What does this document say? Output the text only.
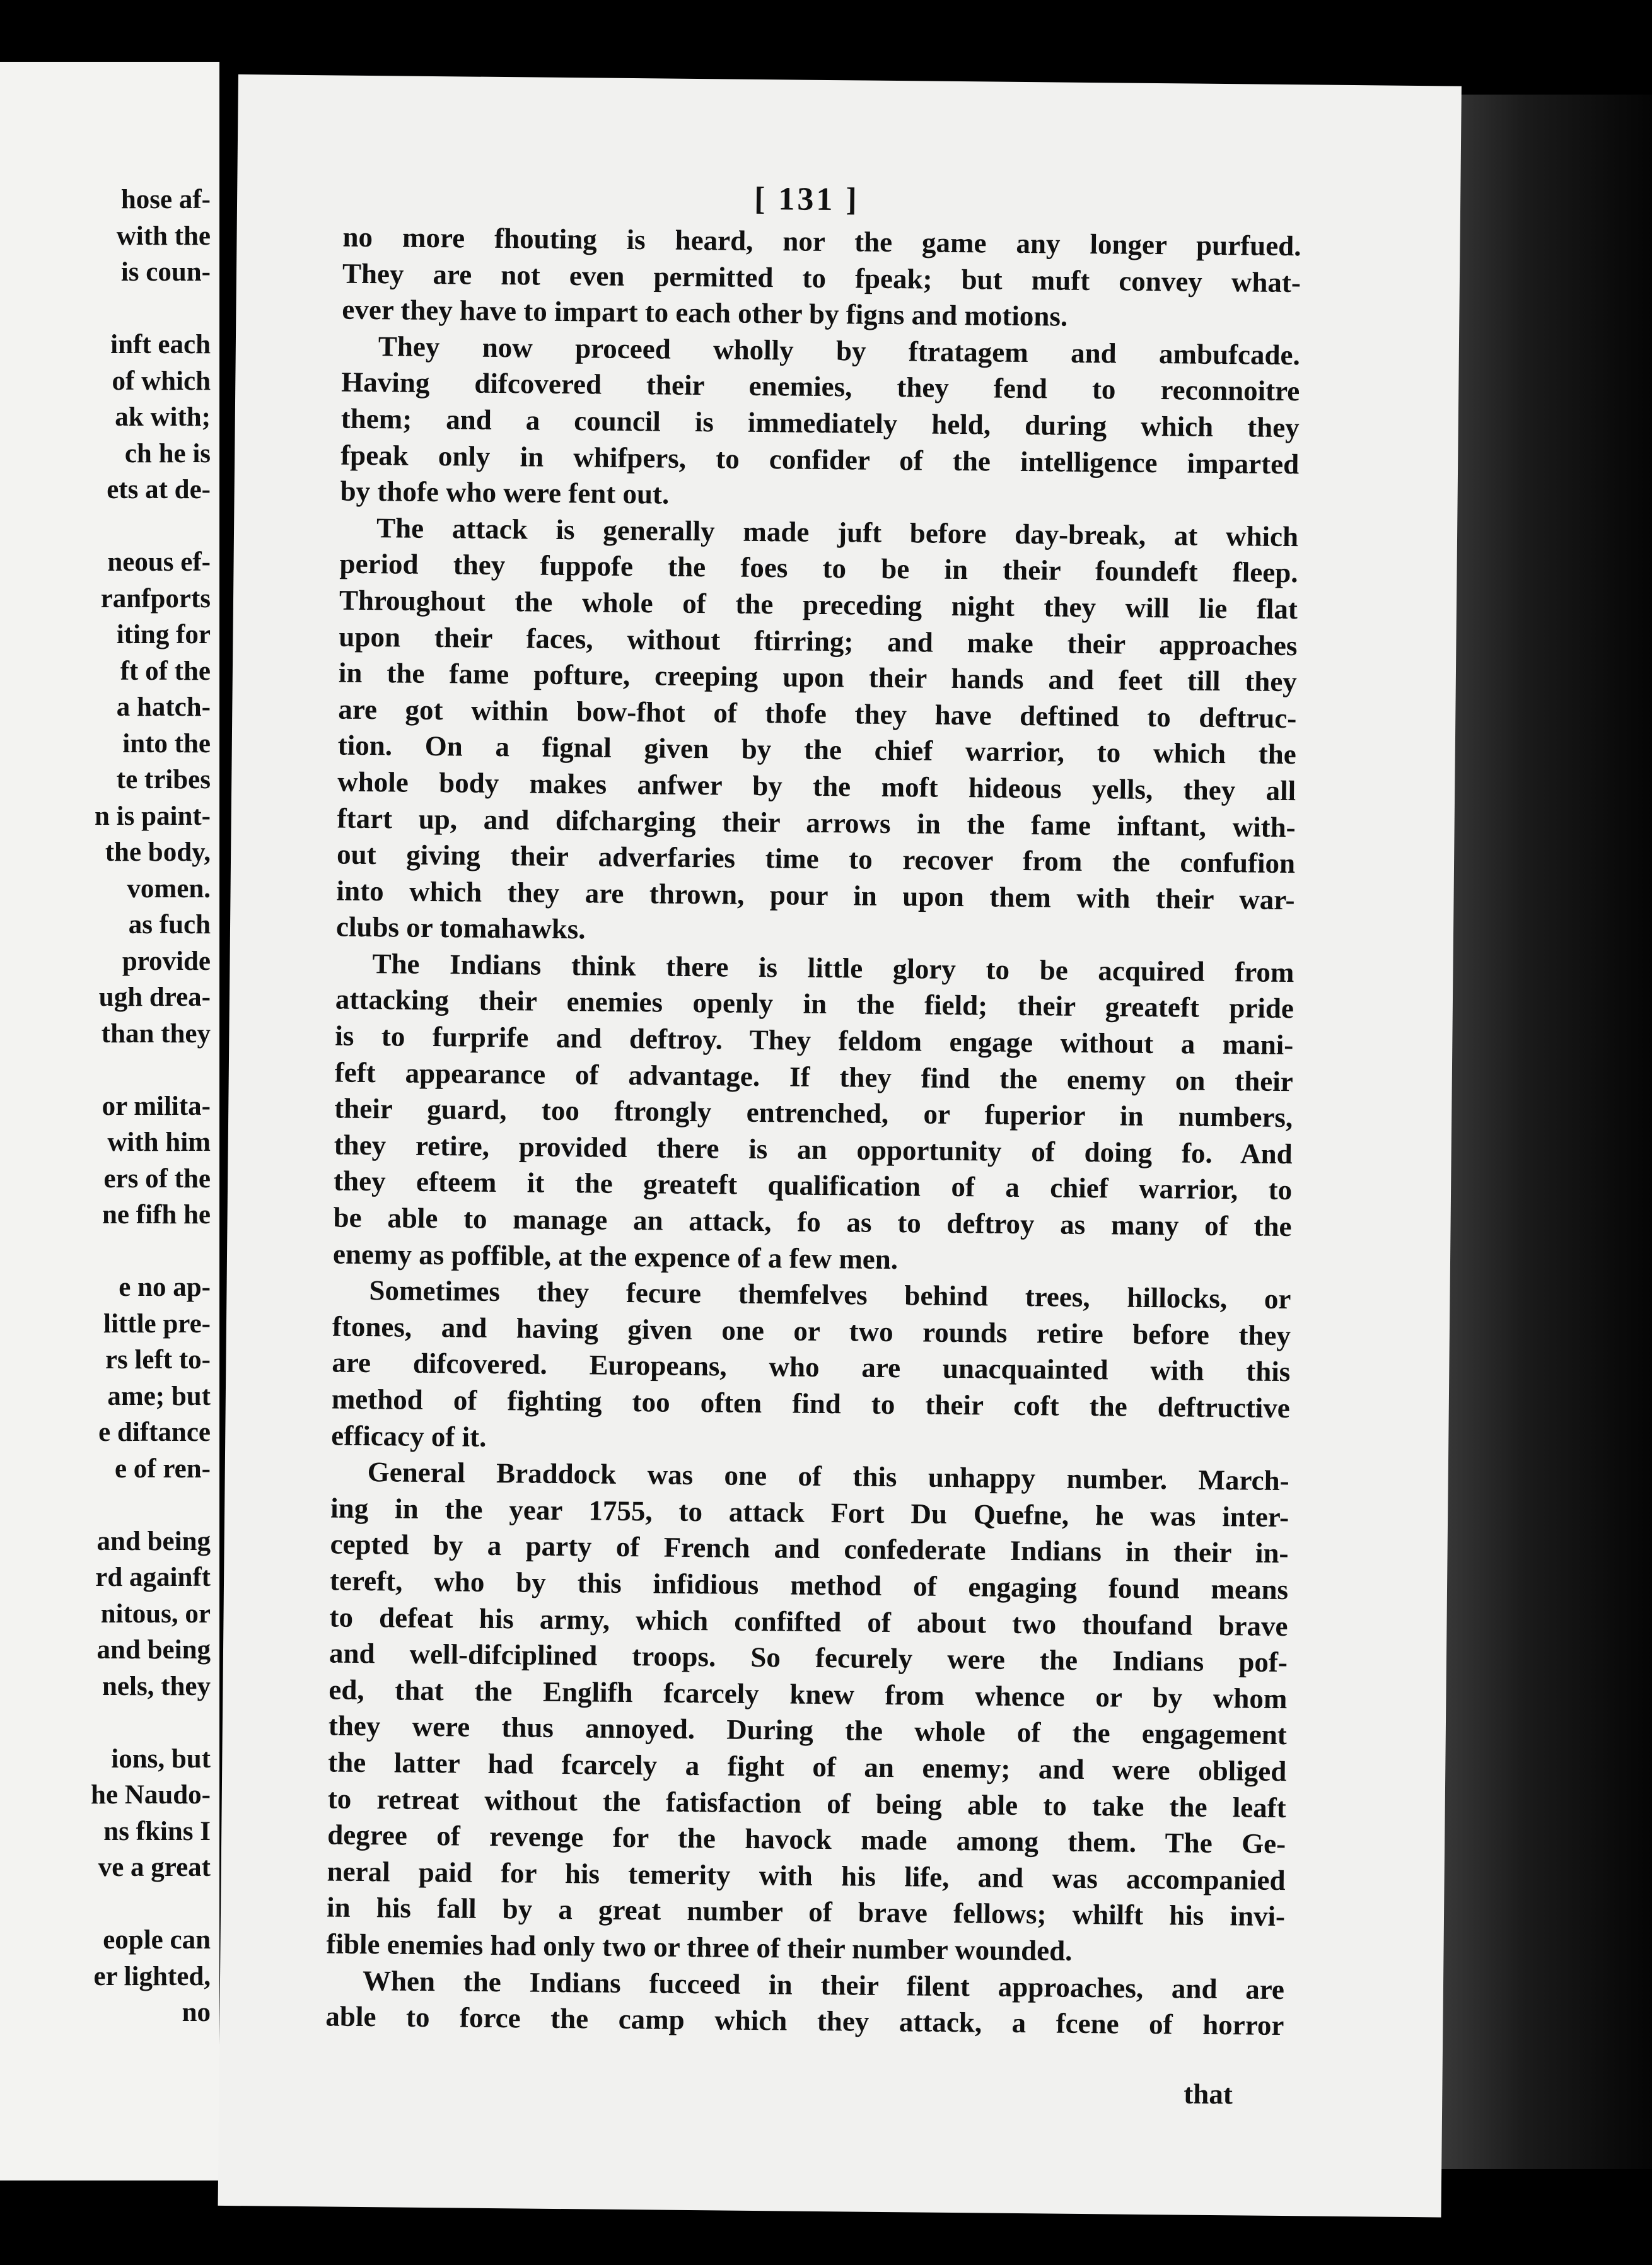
hose af-
with the
is coun-

inft each
of which
ak with;
ch he is
ets at de-

neous ef-
ranfports
iting for
ft of the
a hatch-
into the
te tribes
n is paint-
the body,
vomen.
as fuch
provide
ugh drea-
than they

or milita-
with him
ers of the
ne fifh he

e no ap-
little pre-
rs left to-
ame; but
e diftance
e of ren-

and being
rd againft
nitous, or
and being
nels, they

ions, but
he Naudo-
ns fkins I
ve a great

eople can
er lighted,
no
[ 131 ]
no more fhouting is heard, nor the game any longer purfued.
They are not even permitted to fpeak; but muft convey what-
ever they have to impart to each other by figns and motions.
They now proceed wholly by ftratagem and ambufcade.
Having difcovered their enemies, they fend to reconnoitre
them; and a council is immediately held, during which they
fpeak only in whifpers, to confider of the intelligence imparted
by thofe who were fent out.
The attack is generally made juft before day-break, at which
period they fuppofe the foes to be in their foundeft fleep.
Throughout the whole of the preceding night they will lie flat
upon their faces, without ftirring; and make their approaches
in the fame pofture, creeping upon their hands and feet till they
are got within bow-fhot of thofe they have deftined to deftruc-
tion. On a fignal given by the chief warrior, to which the
whole body makes anfwer by the moft hideous yells, they all
ftart up, and difcharging their arrows in the fame inftant, with-
out giving their adverfaries time to recover from the confufion
into which they are thrown, pour in upon them with their war-
clubs or tomahawks.
The Indians think there is little glory to be acquired from
attacking their enemies openly in the field; their greateft pride
is to furprife and deftroy. They feldom engage without a mani-
feft appearance of advantage. If they find the enemy on their
their guard, too ftrongly entrenched, or fuperior in numbers,
they retire, provided there is an opportunity of doing fo. And
they efteem it the greateft qualification of a chief warrior, to
be able to manage an attack, fo as to deftroy as many of the
enemy as poffible, at the expence of a few men.
Sometimes they fecure themfelves behind trees, hillocks, or
ftones, and having given one or two rounds retire before they
are difcovered. Europeans, who are unacquainted with this
method of fighting too often find to their coft the deftructive
efficacy of it.
General Braddock was one of this unhappy number. March-
ing in the year 1755, to attack Fort Du Quefne, he was inter-
cepted by a party of French and confederate Indians in their in-
tereft, who by this infidious method of engaging found means
to defeat his army, which confifted of about two thoufand brave
and well-difciplined troops. So fecurely were the Indians pof-
ed, that the Englifh fcarcely knew from whence or by whom
they were thus annoyed. During the whole of the engagement
the latter had fcarcely a fight of an enemy; and were obliged
to retreat without the fatisfaction of being able to take the leaft
degree of revenge for the havock made among them. The Ge-
neral paid for his temerity with his life, and was accompanied
in his fall by a great number of brave fellows; whilft his invi-
fible enemies had only two or three of their number wounded.
When the Indians fucceed in their filent approaches, and are
able to force the camp which they attack, a fcene of horror
that
